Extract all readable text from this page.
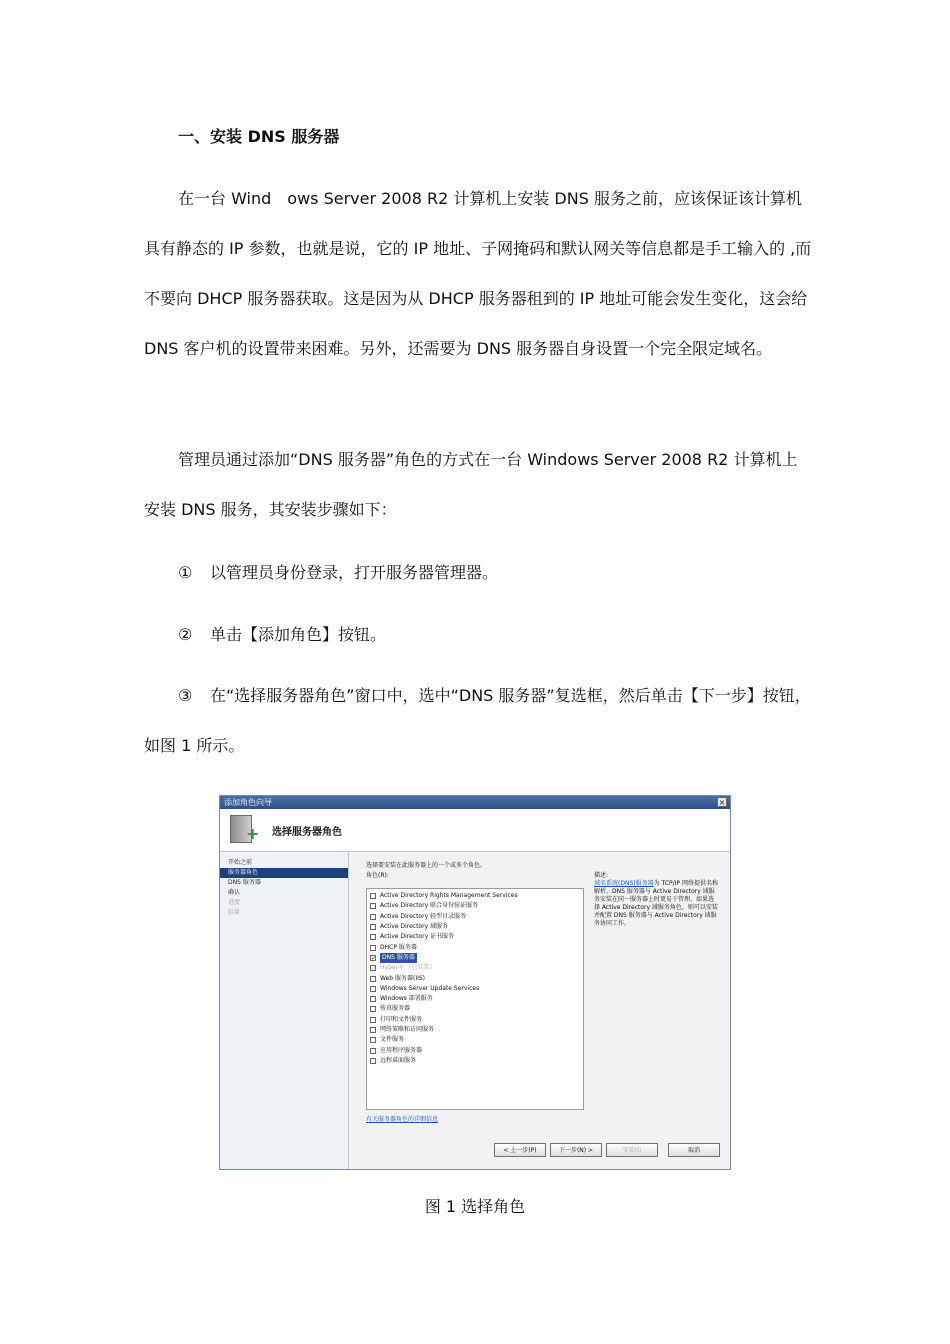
一、安装 DNS 服务器
在一台 Wind　ows Server 2008 R2 计算机上安装 DNS 服务之前，应该保证该计算机具有静态的 IP 参数，也就是说，它的 IP 地址、子网掩码和默认网关等信息都是手工输入的 ,而不要向 DHCP 服务器获取。这是因为从 DHCP 服务器租到的 IP 地址可能会发生变化，这会给 DNS 客户机的设置带来困难。另外，还需要为 DNS 服务器自身设置一个完全限定域名。
管理员通过添加“DNS 服务器”角色的方式在一台 Windows Server 2008 R2 计算机上安装 DNS 服务，其安装步骤如下：
① 以管理员身份登录，打开服务器管理器。
② 单击【添加角色】按钮。
③ 在“选择服务器角色”窗口中，选中“DNS 服务器”复选框，然后单击【下一步】按钮，如图 1 所示。
添加角色向导	×
+ 选择服务器角色
开始之前
服务器角色
DNS 服务器
确认
进度
结果
选择要安装在此服务器上的一个或多个角色。
角色(R):
Active Directory Rights Management Services
Active Directory 联合身份验证服务
Active Directory 轻型目录服务
Active Directory 域服务
Active Directory 证书服务
DHCP 服务器
✓ DNS 服务器
✓ Hyper-V （已安装）
Web 服务器(IIS)
Windows Server Update Services
Windows 部署服务
传真服务器
打印和文件服务
网络策略和访问服务
文件服务
应用程序服务器
远程桌面服务
描述:
域名系统(DNS)服务器为 TCP/IP 网络提供名称解析。DNS 服务器与 Active Directory 域服务安装在同一服务器上时更易于管理。如果选择 Active Directory 域服务角色，则可以安装并配置 DNS 服务器与 Active Directory 域服务协同工作。
有关服务器角色的详细信息
< 上一步(P)	下一步(N) >	安装(I)	取消
图 1 选择角色
